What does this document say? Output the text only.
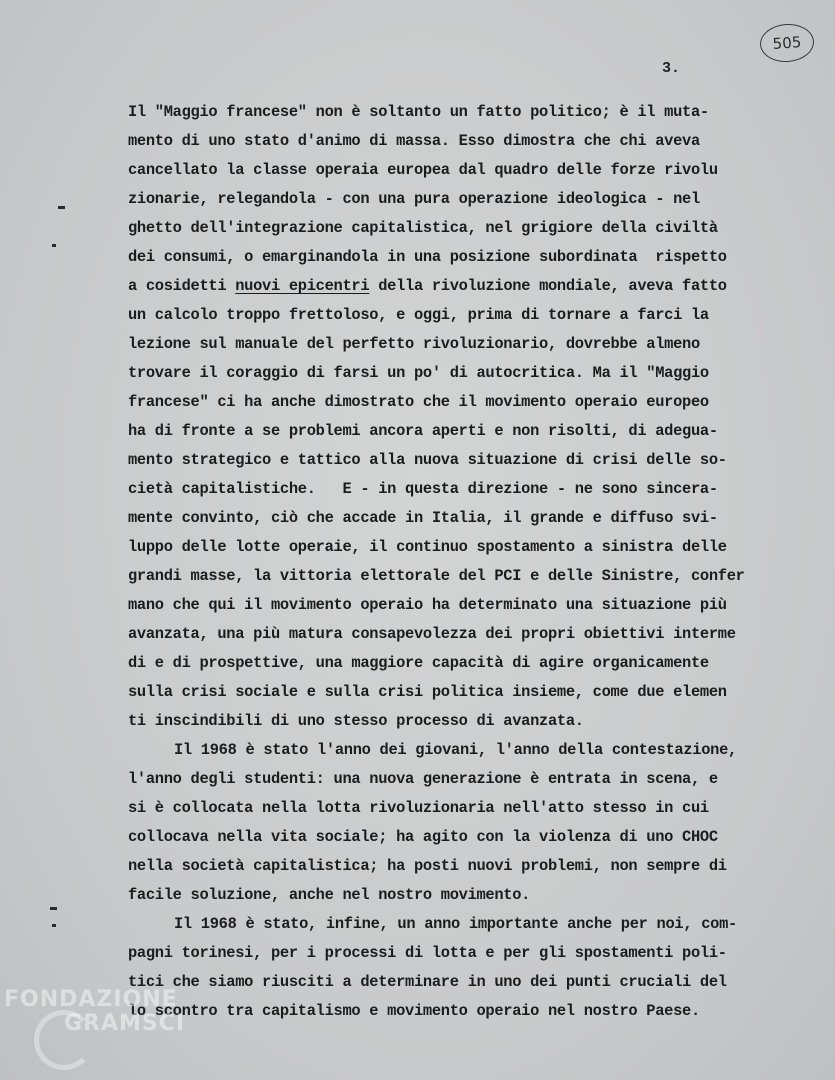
505
3.
Il "Maggio francese" non è soltanto un fatto politico; è il muta-
mento di uno stato d'animo di massa. Esso dimostra che chi aveva
cancellato la classe operaia europea dal quadro delle forze rivolu
zionarie, relegandola - con una pura operazione ideologica - nel
ghetto dell'integrazione capitalistica, nel grigiore della civiltà
dei consumi, o emarginandola in una posizione subordinata  rispetto
a cosidetti nuovi epicentri della rivoluzione mondiale, aveva fatto
un calcolo troppo frettoloso, e oggi, prima di tornare a farci la
lezione sul manuale del perfetto rivoluzionario, dovrebbe almeno
trovare il coraggio di farsi un po' di autocritica. Ma il "Maggio
francese" ci ha anche dimostrato che il movimento operaio europeo
ha di fronte a se problemi ancora aperti e non risolti, di adegua-
mento strategico e tattico alla nuova situazione di crisi delle so-
cietà capitalistiche.   E - in questa direzione - ne sono sincera-
mente convinto, ciò che accade in Italia, il grande e diffuso svi-
luppo delle lotte operaie, il continuo spostamento a sinistra delle
grandi masse, la vittoria elettorale del PCI e delle Sinistre, confer
mano che qui il movimento operaio ha determinato una situazione più
avanzata, una più matura consapevolezza dei propri obiettivi interme
di e di prospettive, una maggiore capacità di agire organicamente
sulla crisi sociale e sulla crisi politica insieme, come due elemen
ti inscindibili di uno stesso processo di avanzata.
Il 1968 è stato l'anno dei giovani, l'anno della contestazione,
l'anno degli studenti: una nuova generazione è entrata in scena, e
si è collocata nella lotta rivoluzionaria nell'atto stesso in cui
collocava nella vita sociale; ha agito con la violenza di uno CHOC
nella società capitalistica; ha posti nuovi problemi, non sempre di
facile soluzione, anche nel nostro movimento.
Il 1968 è stato, infine, un anno importante anche per noi, com-
pagni torinesi, per i processi di lotta e per gli spostamenti poli-
tici che siamo riusciti a determinare in uno dei punti cruciali del
lo scontro tra capitalismo e movimento operaio nel nostro Paese.
FONDAZIONE
GRAMSCI
